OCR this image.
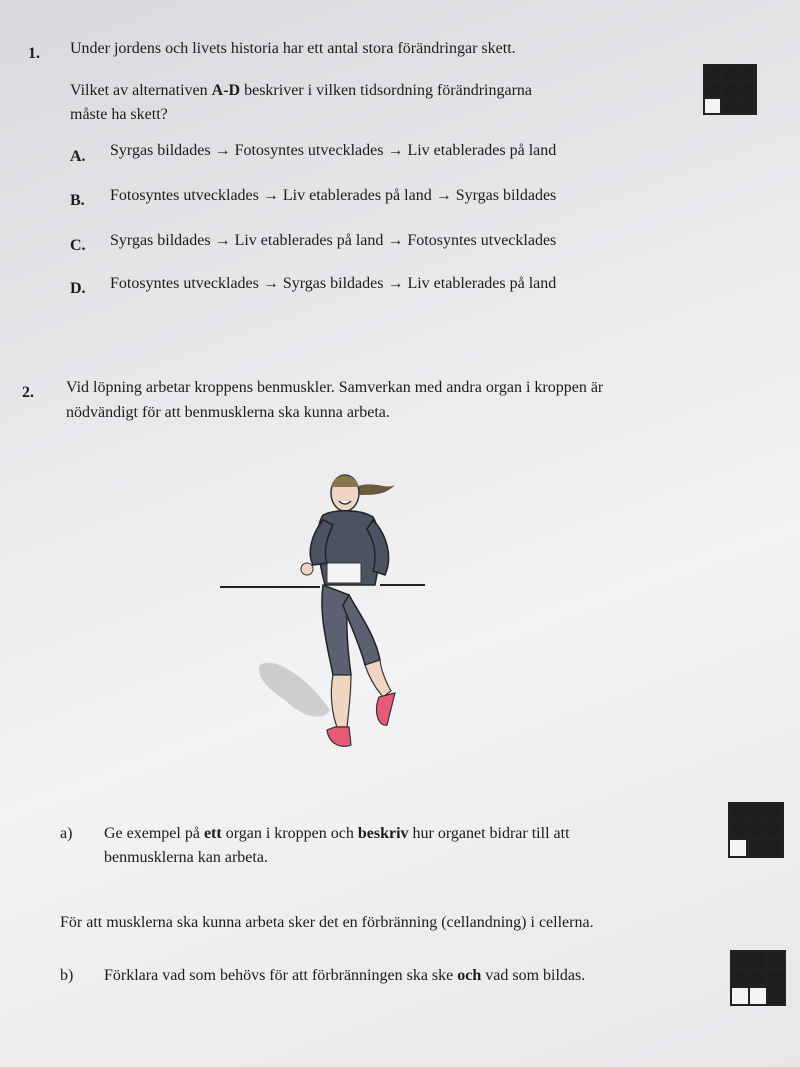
1. Under jordens och livets historia har ett antal stora förändringar skett.
Vilket av alternativen A-D beskriver i vilken tidsordning förändringarna
måste ha skett?
A. Syrgas bildades → Fotosyntes utvecklades → Liv etablerades på land
B. Fotosyntes utvecklades → Liv etablerades på land → Syrgas bildades
C. Syrgas bildades → Liv etablerades på land → Fotosyntes utvecklades
D. Fotosyntes utvecklades → Syrgas bildades → Liv etablerades på land
2. Vid löpning arbetar kroppens benmuskler. Samverkan med andra organ i kroppen är
nödvändigt för att benmusklerna ska kunna arbeta.
a) Ge exempel på ett organ i kroppen och beskriv hur organet bidrar till att
benmusklerna kan arbeta.
För att musklerna ska kunna arbeta sker det en förbränning (cellandning) i cellerna.
b) Förklara vad som behövs för att förbränningen ska ske och vad som bildas.
